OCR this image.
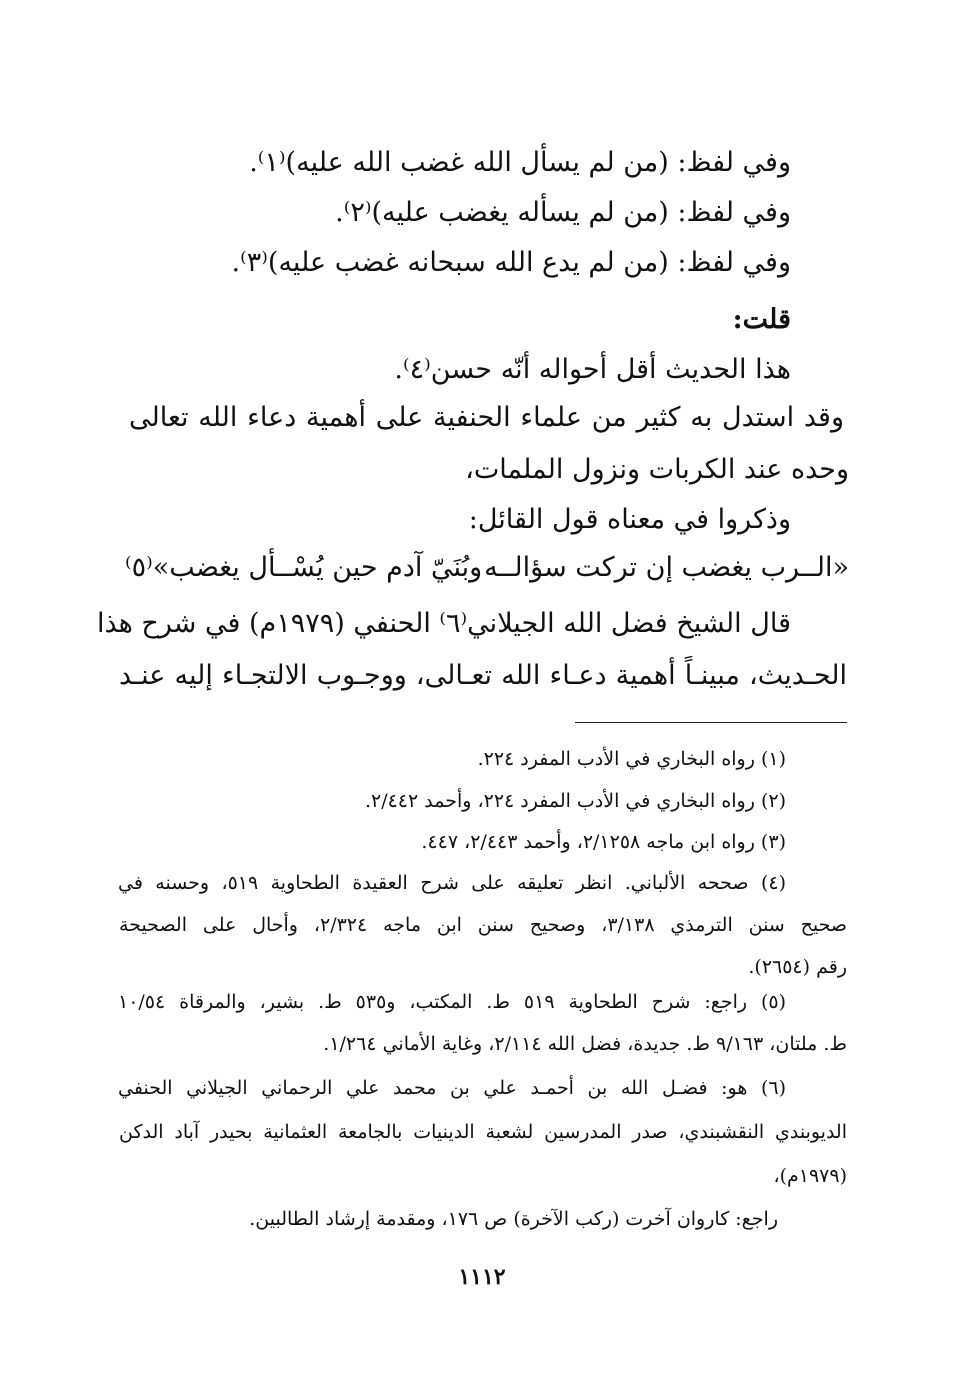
وفي لفظ: (من لم يسأل الله غضب الله عليه)⁽١⁾.
وفي لفظ: (من لم يسأله يغضب عليه)⁽٢⁾.
وفي لفظ: (من لم يدع الله سبحانه غضب عليه)⁽٣⁾.
قلت:
هذا الحديث أقل أحواله أنّه حسن⁽٤⁾.
وقد استدل به كثير من علماء الحنفية على أهمية دعاء الله تعالى
وحده عند الكربات ونزول الملمات،
وذكروا في معناه قول القائل:
«الــرب يغضب إن تركت سؤالــه
وبُنَيّ آدم حين يُسْــأل يغضب»⁽٥⁾
قال الشيخ فضل الله الجيلاني⁽٦⁾ الحنفي (١٩٧٩م) في شرح هذا
الحـديث، مبينـاً أهمية دعـاء الله تعـالى، ووجـوب الالتجـاء إليه عنـد
(١) رواه البخاري في الأدب المفرد ٢٢٤.
(٢) رواه البخاري في الأدب المفرد ٢٢٤، وأحمد ٢/٤٤٢.
(٣) رواه ابن ماجه ٢/١٢٥٨، وأحمد ٢/٤٤٣، ٤٤٧.
(٤) صححه الألباني. انظر تعليقه على شرح العقيدة الطحاوية ٥١٩، وحسنه في
صحيح سنن الترمذي ٣/١٣٨، وصحيح سنن ابن ماجه ٢/٣٢٤، وأحال على الصحيحة
رقم (٢٦٥٤).
(٥) راجع: شرح الطحاوية ٥١٩ ط. المكتب، و٥٣٥ ط. بشير، والمرقاة ١٠/٥٤
ط. ملتان، ٩/١٦٣ ط. جديدة، فضل الله ٢/١١٤، وغاية الأماني ١/٢٦٤.
(٦) هو: فضـل الله بن أحمـد علي بن محمد علي الرحماني الجيلاني الحنفي
الديوبندي النقشبندي، صدر المدرسين لشعبة الدينيات بالجامعة العثمانية بحيدر آباد الدكن
(١٩٧٩م)،
راجع: كاروان آخرت (ركب الآخرة) ص ١٧٦، ومقدمة إرشاد الطالبين.
١١١٢
